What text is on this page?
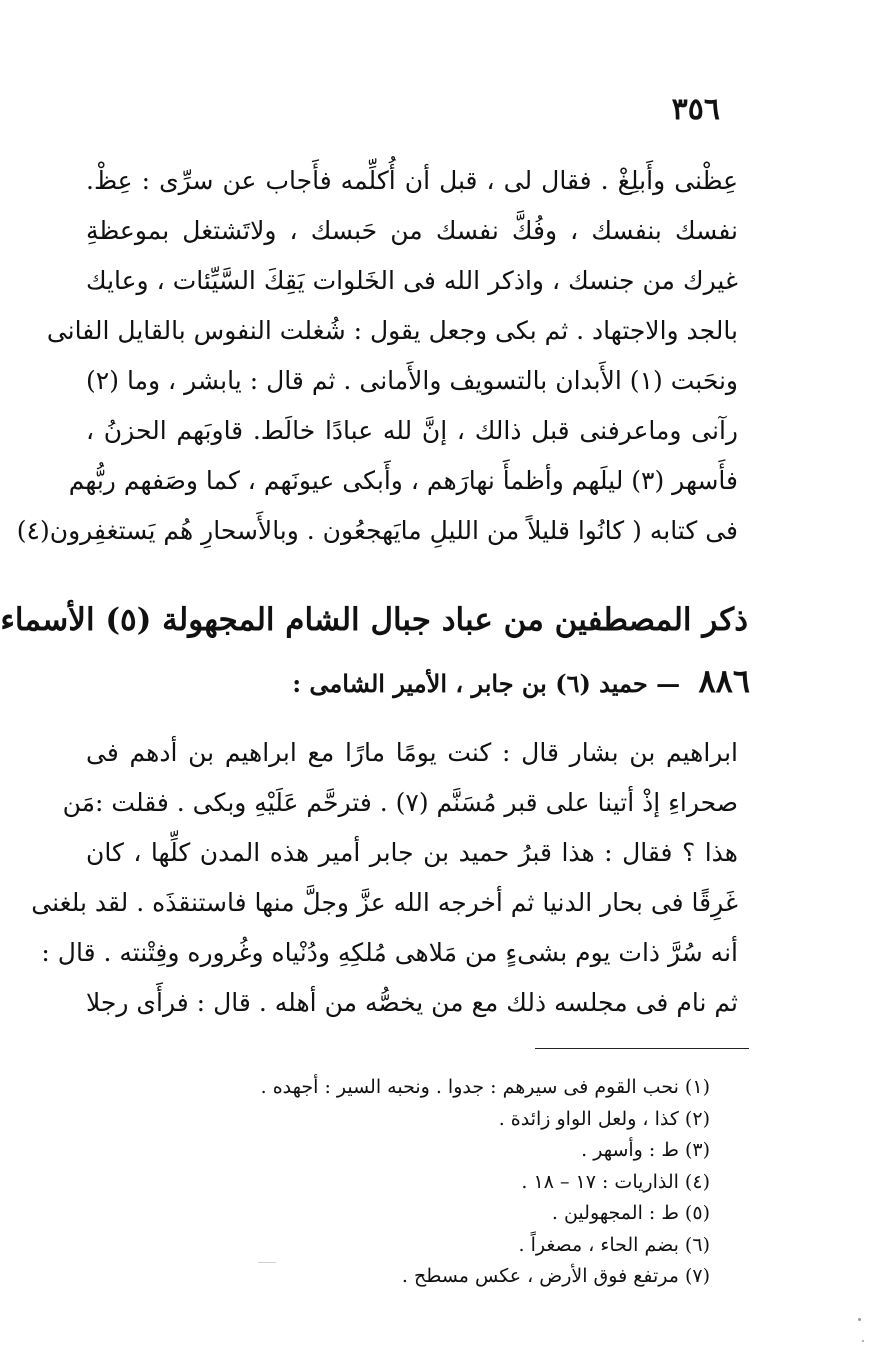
٣٥٦
عِظْنى وأَبلِغْ . فقال لى ، قبل أن أُكلِّمه فأَجاب عن سرِّى : عِظْ.
نفسك بنفسك ، وفُكَّ نفسك من حَبسك ، ولاتَشتغل بموعظةِ
غيرك من جنسك ، واذكر الله فى الخَلوات يَقِكَ السَّيِّئات ، وعايك
بالجد والاجتهاد . ثم بكى وجعل يقول : شُغلت النفوس بالقايل الفانى
ونحَبت (١) الأَبدان بالتسويف والأَمانى . ثم قال : يابشر ، وما (٢)
رآنى وماعرفنى قبل ذالك ، إنَّ لله عبادًا خالَط. قاوبَهم الحزنُ ،
فأَسهر (٣) ليلَهم وأظمأَ نهارَهم ، وأَبكى عيونَهم ، كما وصَفهم ربُّهم
فى كتابه ( كانُوا قليلاً من الليلِ مايَهجعُون . وبالأَسحارِ هُم يَستغفِرون(٤)
ذكر المصطفين من عباد جبال الشام المجهولة (٥) الأسماء
٨٨٦ — حميد (٦) بن جابر ، الأمير الشامى :
ابراهيم بن بشار قال : كنت يومًا مارًا مع ابراهيم بن أدهم فى
صحراءِ إذْ أتينا على قبر مُسَنَّم (٧) . فترحَّم عَلَيْهِ وبكى . فقلت :مَن
هذا ؟ فقال : هذا قبرُ حميد بن جابر أمير هذه المدن كلِّها ، كان
غَرِقًا فى بحار الدنيا ثم أخرجه الله عزَّ وجلَّ منها فاستنقذَه . لقد بلغنى
أنه سُرَّ ذات يوم بشىءٍ من مَلاهى مُلكِهِ ودُنْياه وغُروره وفِتْنته . قال :
ثم نام فى مجلسه ذلك مع من يخصُّه من أهله . قال : فرأَى رجلا
(١) نحب القوم فى سيرهم : جدوا . ونحبه السير : أجهده .
(٢) كذا ، ولعل الواو زائدة .
(٣) ط : وأسهر .
(٤) الذاريات : ١٧ – ١٨ .
(٥) ط : المجهولين .
(٦) بضم الحاء ، مصغراً .
(٧) مرتفع فوق الأرض ، عكس مسطح .
